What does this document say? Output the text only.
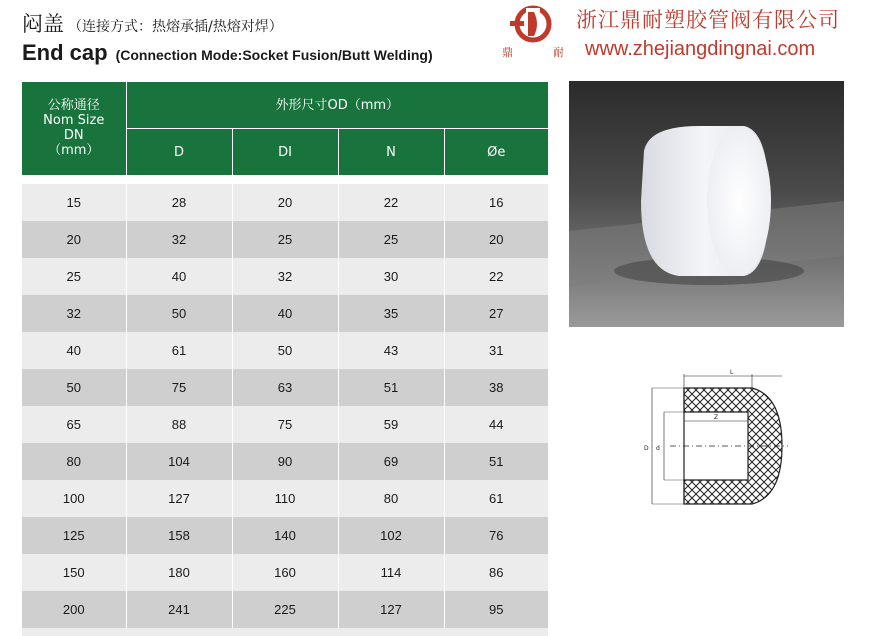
闷盖 （连接方式：热熔承插/热熔对焊）
End cap (Connection Mode:Socket Fusion/Butt Welding)	鼎	耐
浙江鼎耐塑胶管阀有限公司
www.zhejiangdingnai.com
公称通径
Nom Size
DN
（mm）	外形尺寸OD（mm）			
	D	DI	N	Øe

15	28	20	22	16
20	32	25	25	20
25	40	32	30	22
32	50	40	35	27
40	61	50	43	31
50	75	63	51	38
65	88	75	59	44
80	104	90	69	51
100	127	110	80	61
125	158	140	102	76
150	180	160	114	86
200	241	225	127	95

L
Z
d
D
